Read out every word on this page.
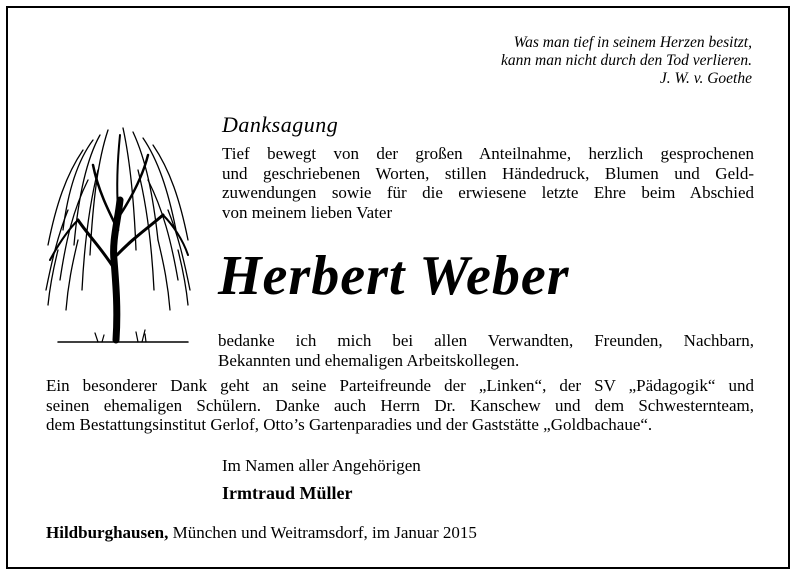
Was man tief in seinem Herzen besitzt,
kann man nicht durch den Tod verlieren.
J. W. v. Goethe
Danksagung
Tief bewegt von der großen Anteilnahme, herzlich gesprochenen
und geschriebenen Worten, stillen Händedruck, Blumen und Geld-
zuwendungen sowie für die erwiesene letzte Ehre beim Abschied
von meinem lieben Vater
Herbert Weber
bedanke ich mich bei allen Verwandten, Freunden, Nachbarn,
Bekannten und ehemaligen Arbeitskollegen.
Ein besonderer Dank geht an seine Parteifreunde der „Linken“, der SV „Pädagogik“ und
seinen ehemaligen Schülern. Danke auch Herrn Dr. Kanschew und dem Schwesternteam,
dem Bestattungsinstitut Gerlof, Otto’s Gartenparadies und der Gaststätte „Goldbachaue“.
Im Namen aller Angehörigen
Irmtraud Müller
Hildburghausen, München und Weitramsdorf, im Januar 2015
